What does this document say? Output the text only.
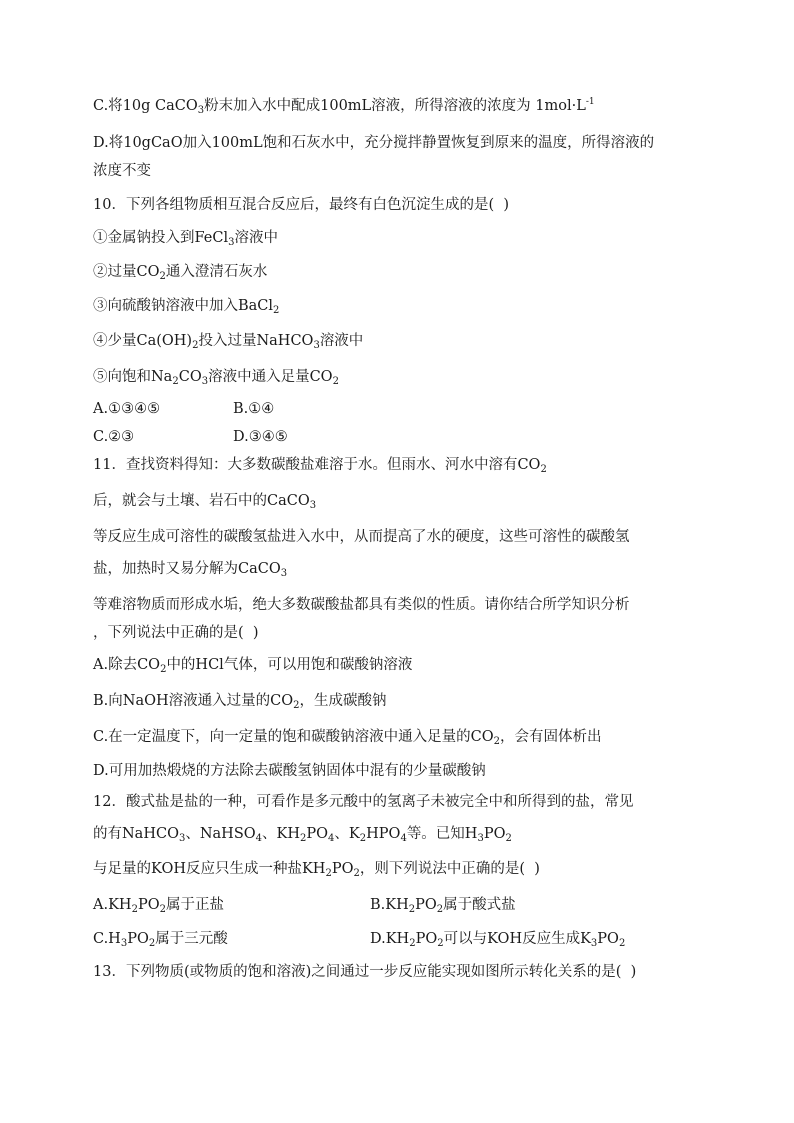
C.将10g CaCO$_3$粉末加入水中配成100mL溶液，所得溶液的浓度为 $1mol\cdot L^{-1}$
D.将10gCaO加入100mL饱和石灰水中，充分搅拌静置恢复到原来的温度，所得溶液的
浓度不变
10．下列各组物质相互混合反应后，最终有白色沉淀生成的是(  )
①金属钠投入到FeCl$_3$溶液中
②过量$CO_2$通入澄清石灰水
③向硫酸钠溶液中加入BaCl$_2$
④少量$Ca(OH)_2$投入过量NaHCO$_3$溶液中
⑤向饱和$Na_2CO_3$溶液中通入足量$CO_2$
A.①③④⑤	B.①④
C.②③	D.③④⑤
11．查找资料得知：大多数碳酸盐难溶于水。但雨水、河水中溶有$CO_2$
后，就会与土壤、岩石中的CaCO$_3$
等反应生成可溶性的碳酸氢盐进入水中，从而提高了水的硬度，这些可溶性的碳酸氢
盐，加热时又易分解为CaCO$_3$
等难溶物质而形成水垢，绝大多数碳酸盐都具有类似的性质。请你结合所学知识分析
，下列说法中正确的是(  )
A.除去$CO_2$中的HCl气体，可以用饱和碳酸钠溶液
B.向NaOH溶液通入过量的$CO_2$，生成碳酸钠
C.在一定温度下，向一定量的饱和碳酸钠溶液中通入足量的$CO_2$，会有固体析出
D.可用加热煅烧的方法除去碳酸氢钠固体中混有的少量碳酸钠
12．酸式盐是盐的一种，可看作是多元酸中的氢离子未被完全中和所得到的盐，常见
的有NaHCO$_3$、NaHSO$_4$、$KH_2PO_4$、$K_2HPO_4$等。已知$H_3PO_2$
与足量的KOH反应只生成一种盐$KH_2PO_2$，则下列说法中正确的是(  )
$A.KH_2PO_2$属于正盐	$B.KH_2PO_2$属于酸式盐
$C.H_3PO_2$属于三元酸	$D.KH_2PO_2$可以与KOH反应生成$K_3PO_2$
13．下列物质(或物质的饱和溶液)之间通过一步反应能实现如图所示转化关系的是(  )
